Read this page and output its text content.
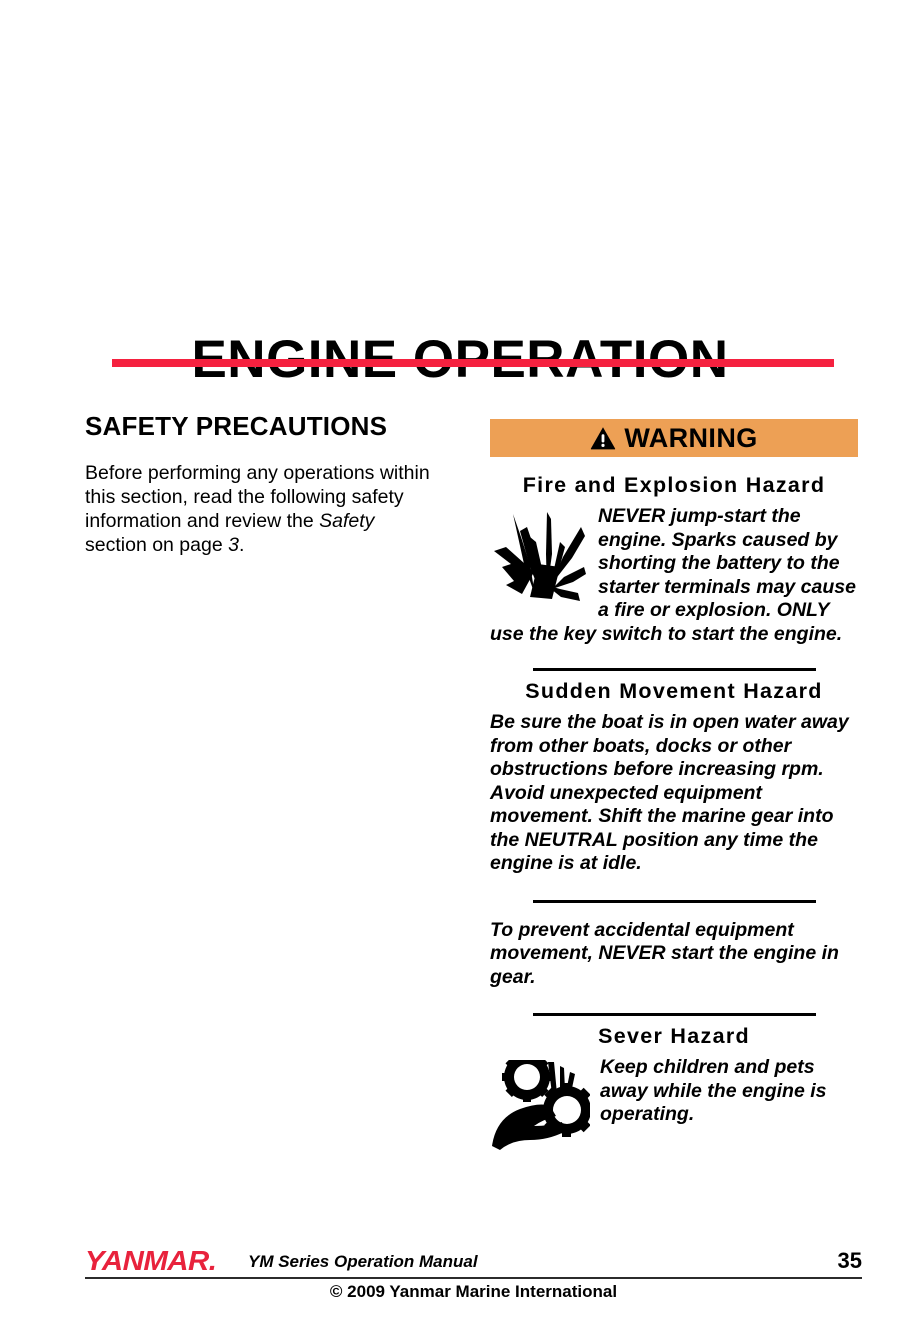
SAFETY PRECAUTIONS

Before performing any operations within this section, read the following safety information and review the Safety section on page 3.

WARNING
Fire and Explosion Hazard

NEVER jump-start the engine. Sparks caused by shorting the battery to the starter terminals may cause a fire or explosion. ONLY use the key switch to start the engine.

Sudden Movement Hazard

Be sure the boat is in open water away from other boats, docks or other obstructions before increasing rpm. Avoid unexpected equipment movement. Shift the marine gear into the NEUTRAL position any time the engine is at idle.

To prevent accidental equipment movement, NEVER start the engine in gear.

Sever Hazard

Keep children and pets away while the engine is operating.

YANMAR. YM Series Operation Manual	35
© 2009 Yanmar Marine International
